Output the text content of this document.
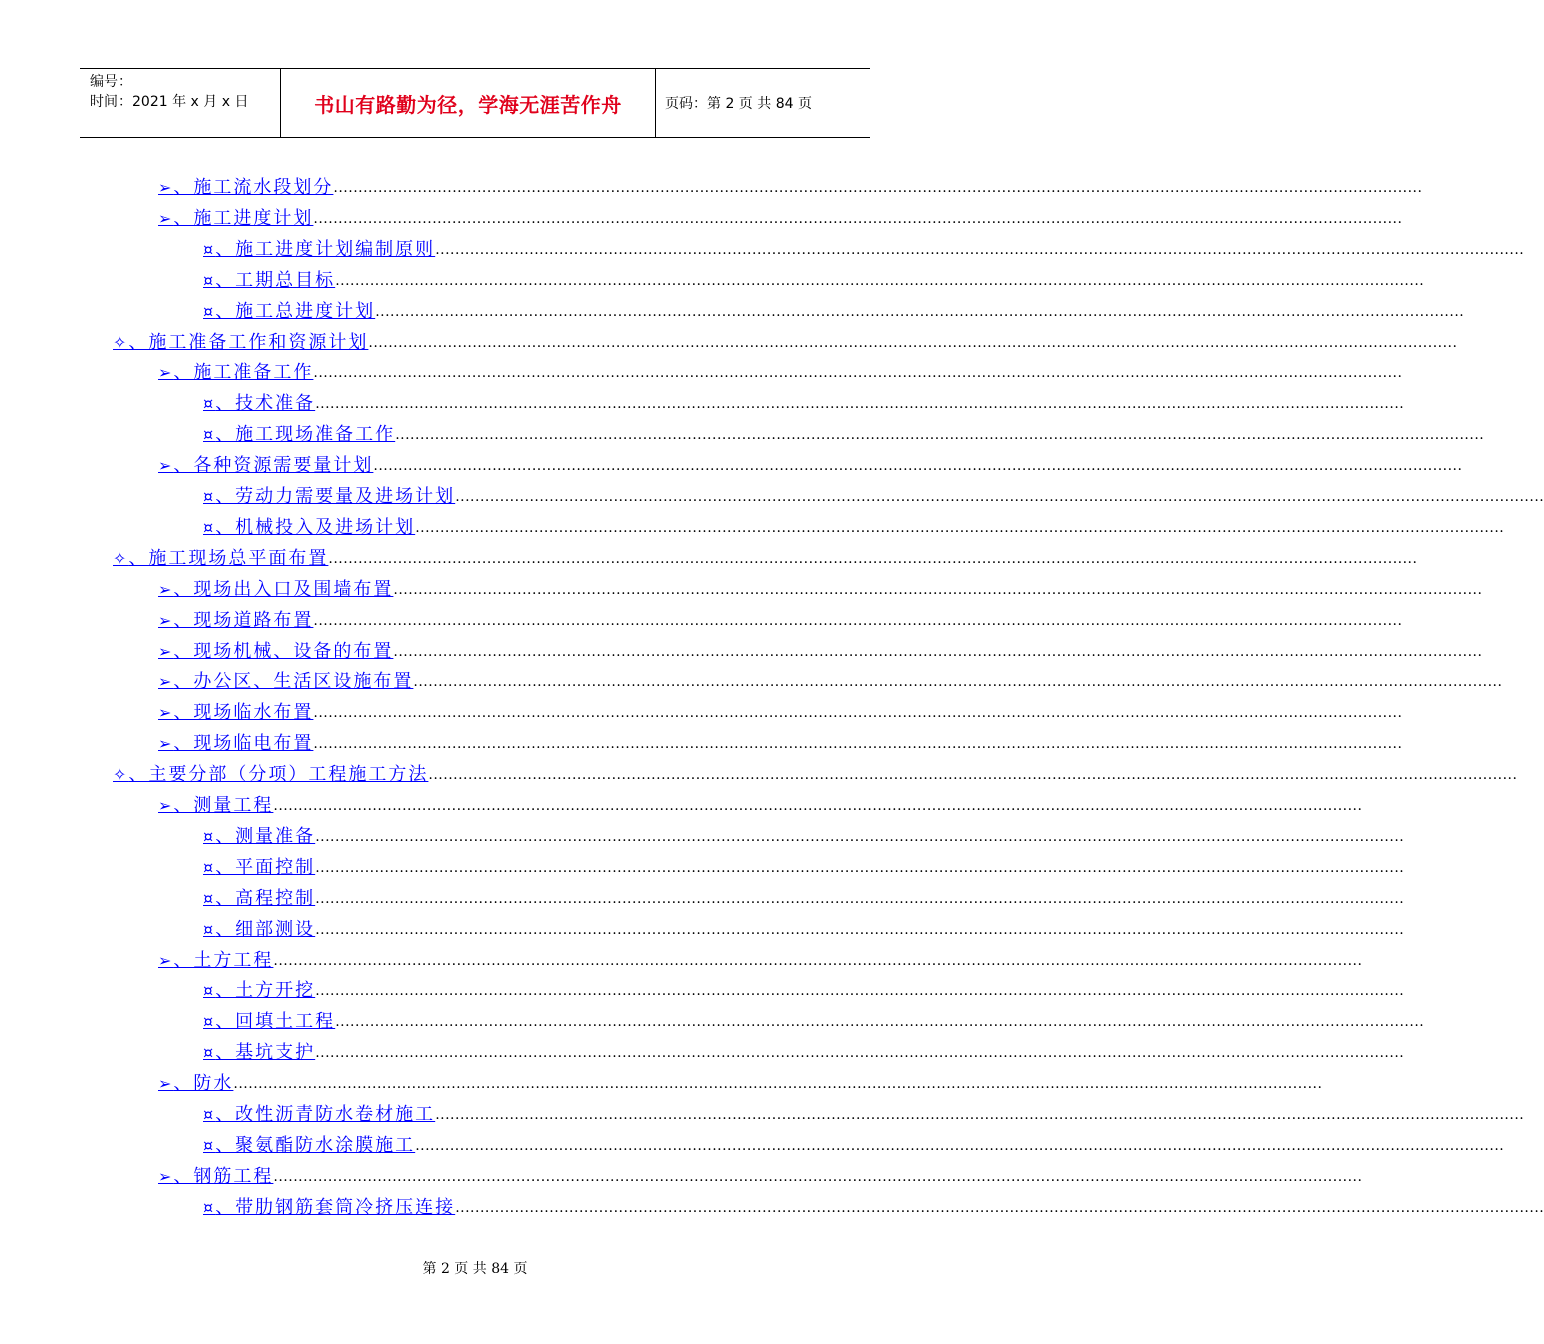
编号：
时间：2021 年 x 月 x 日	书山有路勤为径，学海无涯苦作舟	页码：第 2 页 共 84 页
➢、施工流水段划分 ............................................................................................................................................................................................................................
➢、施工进度计划 ............................................................................................................................................................................................................................
¤、施工进度计划编制原则 ............................................................................................................................................................................................................................
¤、工期总目标 ............................................................................................................................................................................................................................
¤、施工总进度计划 ............................................................................................................................................................................................................................
✧、施工准备工作和资源计划 ............................................................................................................................................................................................................................
➢、施工准备工作 ............................................................................................................................................................................................................................
¤、技术准备 ............................................................................................................................................................................................................................
¤、施工现场准备工作 ............................................................................................................................................................................................................................
➢、各种资源需要量计划 ............................................................................................................................................................................................................................
¤、劳动力需要量及进场计划 ............................................................................................................................................................................................................................
¤、机械投入及进场计划 ............................................................................................................................................................................................................................
✧、施工现场总平面布置 ............................................................................................................................................................................................................................
➢、现场出入口及围墙布置 ............................................................................................................................................................................................................................
➢、现场道路布置 ............................................................................................................................................................................................................................
➢、现场机械、设备的布置 ............................................................................................................................................................................................................................
➢、办公区、生活区设施布置 ............................................................................................................................................................................................................................
➢、现场临水布置 ............................................................................................................................................................................................................................
➢、现场临电布置 ............................................................................................................................................................................................................................
✧、主要分部（分项）工程施工方法 ............................................................................................................................................................................................................................
➢、测量工程 ............................................................................................................................................................................................................................
¤、测量准备 ............................................................................................................................................................................................................................
¤、平面控制 ............................................................................................................................................................................................................................
¤、高程控制 ............................................................................................................................................................................................................................
¤、细部测设 ............................................................................................................................................................................................................................
➢、土方工程 ............................................................................................................................................................................................................................
¤、土方开挖 ............................................................................................................................................................................................................................
¤、回填土工程 ............................................................................................................................................................................................................................
¤、基坑支护 ............................................................................................................................................................................................................................
➢、防水 ............................................................................................................................................................................................................................
¤、改性沥青防水卷材施工 ............................................................................................................................................................................................................................
¤、聚氨酯防水涂膜施工 ............................................................................................................................................................................................................................
➢、钢筋工程 ............................................................................................................................................................................................................................
¤、带肋钢筋套筒冷挤压连接 ............................................................................................................................................................................................................................
第 2 页 共 84 页
